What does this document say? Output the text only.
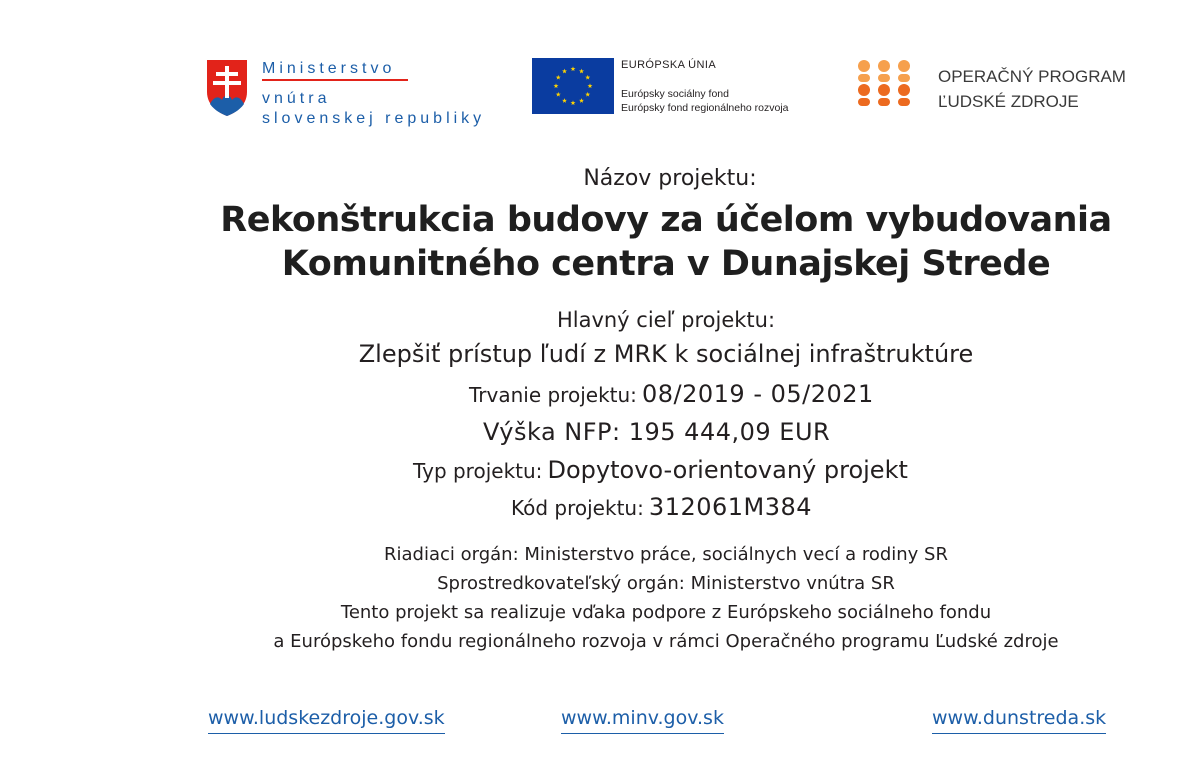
Ministerstvo
vnútra
slovenskej republiky
EURÓPSKA ÚNIA
Európsky sociálny fond
Európsky fond regionálneho rozvoja
OPERAČNÝ PROGRAM
ĽUDSKÉ ZDROJE
Názov projektu:
Rekonštrukcia budovy za účelom vybudovania
Komunitného centra v Dunajskej Strede
Hlavný cieľ projektu:
Zlepšiť prístup ľudí z MRK k sociálnej infraštruktúre
Trvanie projektu: 08/2019 - 05/2021
Výška NFP: 195 444,09 EUR
Typ projektu: Dopytovo-orientovaný projekt
Kód projektu: 312061M384
Riadiaci orgán: Ministerstvo práce, sociálnych vecí a rodiny SR
Sprostredkovateľský orgán: Ministerstvo vnútra SR
Tento projekt sa realizuje vďaka podpore z Európskeho sociálneho fondu
a Európskeho fondu regionálneho rozvoja v rámci Operačného programu Ľudské zdroje
www.ludskezdroje.gov.sk	www.minv.gov.sk	www.dunstreda.sk
